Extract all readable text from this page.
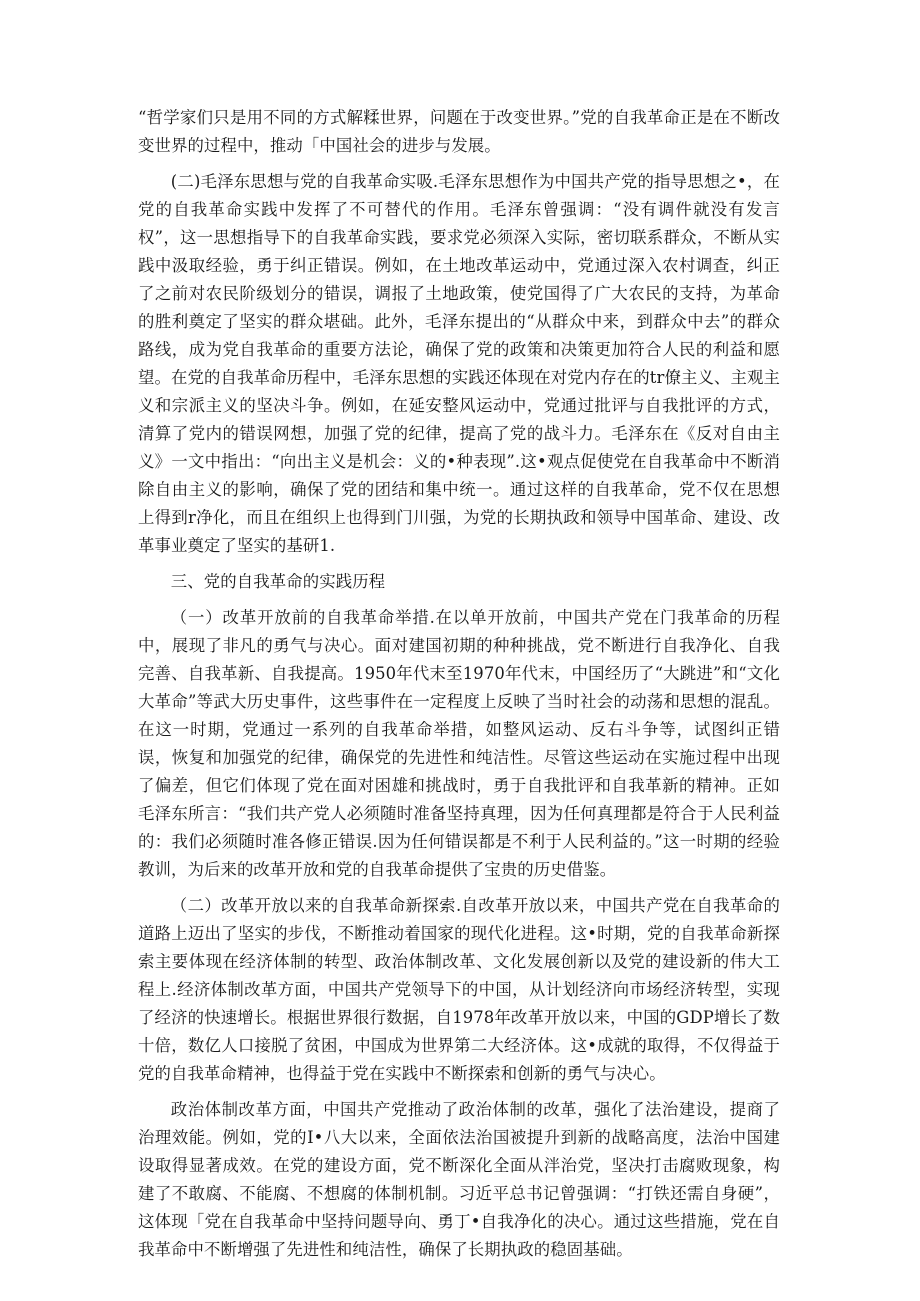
“哲学家们只是用不同的方式解糅世界，问题在于改变世界。”党的自我革命正是在不断改变世界的过程中，推动「中国社会的进步与发展。

(二)毛泽东思想与党的自我革命实吸.毛泽东思想作为中国共产党的指导思想之•，在党的自我革命实践中发挥了不可替代的作用。毛泽东曾强调：“没有调件就没有发言权”，这一思想指导下的自我革命实践，要求党必须深入实际，密切联系群众，不断从实践中汲取经验，勇于纠正错误。例如，在土地改革运动中，党通过深入农村调查，纠正了之前对农民阶级划分的错误，调报了土地政策，使党国得了广大农民的支持，为革命的胜利奠定了坚实的群众堪础。此外，毛泽东提出的“从群众中来，到群众中去”的群众路线，成为党自我革命的重要方法论，确保了党的政策和决策更加符合人民的利益和愿望。在党的自我革命历程中，毛泽东思想的实践还体现在对党内存在的tr僚主义、主观主义和宗派主义的坚决斗争。例如，在延安整风运动中，党通过批评与自我批评的方式，清算了党内的错误网想，加强了党的纪律，提高了党的战斗力。毛泽东在《反对自由主义》一文中指出：“向出主义是机会：义的•种表现”.这•观点促使党在自我革命中不断消除自由主义的影响，确保了党的团结和集中统一。通过这样的自我革命，党不仅在思想上得到r净化，而且在组织上也得到门川强，为党的长期执政和领导中国革命、建设、改革事业奠定了坚实的基研1.

三、党的自我革命的实践历程

（一）改革开放前的自我革命举措.在以单开放前，中国共产党在门我革命的历程中，展现了非凡的勇气与决心。面对建国初期的种种挑战，党不断进行自我净化、自我完善、自我革新、自我提高。1950年代末至1970年代末，中国经历了“大跳进”和“文化大革命”等武大历史事件，这些事件在一定程度上反映了当时社会的动荡和思想的混乱。在这一时期，党通过一系列的自我革命举措，如整风运动、反右斗争等，试图纠正错误，恢复和加强党的纪律，确保党的先进性和纯洁性。尽管这些运动在实施过程中出现了偏差，但它们体现了党在面对困雄和挑战时，勇于自我批评和自我革新的精神。正如毛泽东所言：“我们共产党人必须随时准备坚持真理，因为任何真理都是符合于人民利益的：我们必须随时准各修正错误.因为任何错误都是不利于人民利益的。”这一时期的经验教训，为后来的改革开放和党的自我革命提供了宝贵的历史借鉴。

（二）改革开放以来的自我革命新探索.自改革开放以来，中国共产党在自我革命的道路上迈出了坚实的步伐，不断推动着国家的现代化进程。这•时期，党的自我革命新探索主要体现在经济体制的转型、政治体制改革、文化发展创新以及党的建设新的伟大工程上.经济体制改革方面，中国共产党领导下的中国，从计划经济向市场经济转型，实现了经济的快速增长。根据世界很行数据，自1978年改革开放以来，中国的GDP增长了数十倍，数亿人口接脱了贫困，中国成为世界第二大经济体。这•成就的取得，不仅得益于党的自我革命精神，也得益于党在实践中不断探索和创新的勇气与决心。

政治体制改革方面，中国共产党推动了政治体制的改革，强化了法治建设，提商了治理效能。例如，党的I•八大以来，全面依法治国被提升到新的战略高度，法治中国建设取得显著成效。在党的建设方面，党不断深化全面从泮治党，坚决打击腐败现象，构建了不敢腐、不能腐、不想腐的体制机制。习近平总书记曾强调：“打铁还需自身硬”，这体现「党在自我革命中坚持问题导向、勇丁•自我净化的决心。通过这些措施，党在自我革命中不断增强了先进性和纯洁性，确保了长期执政的稳固基础。
